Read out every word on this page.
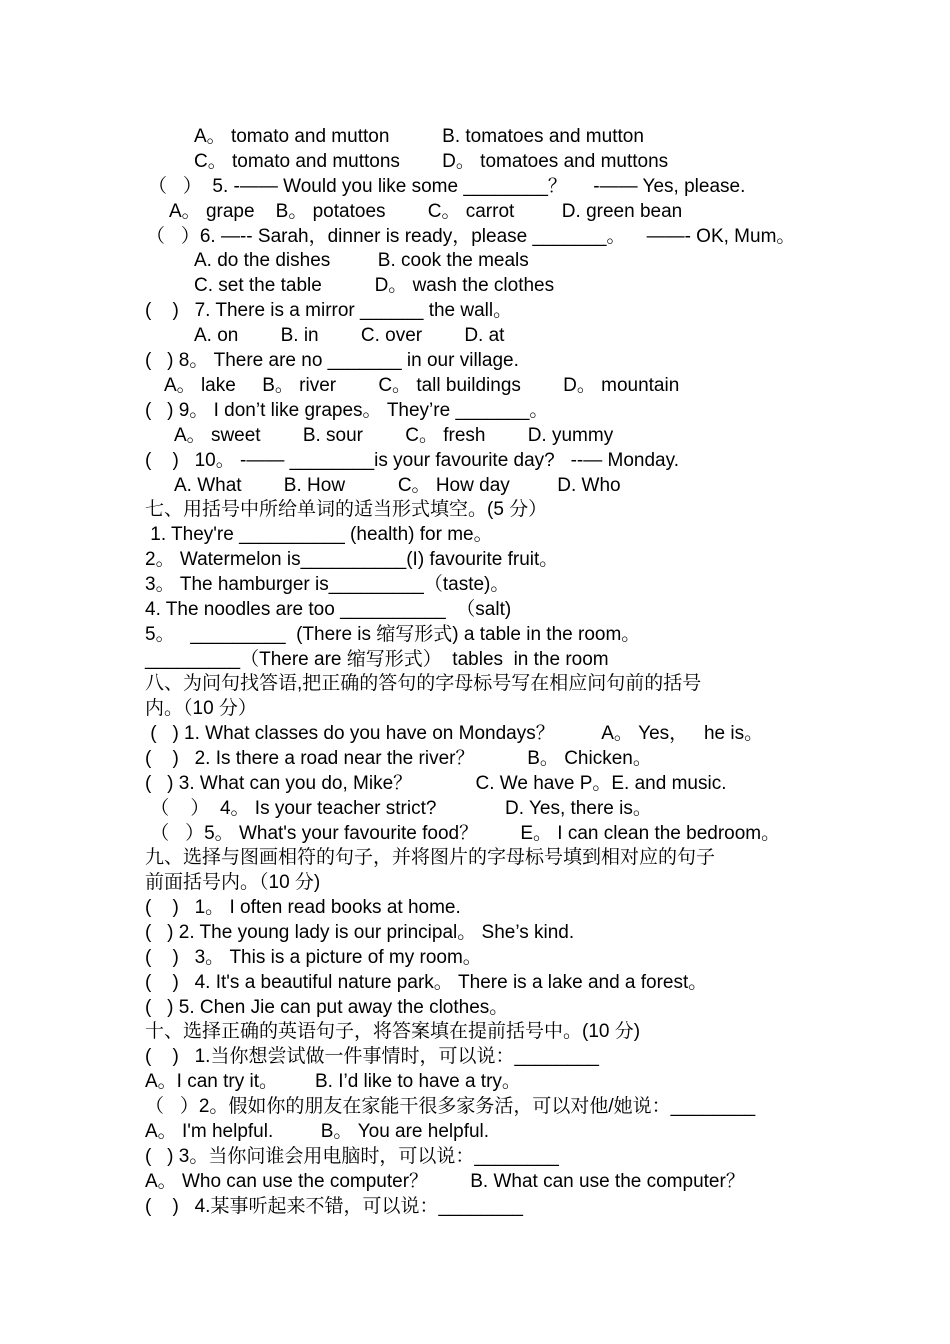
A。 tomato and mutton          B. tomatoes and mutton
C。 tomato and muttons        D。 tomatoes and muttons
（   ）  5. -—— Would you like some ________？     -—— Yes, please.
A。 grape    B。 potatoes        C。 carrot         D. green bean
（   ）6. —-- Sarah，dinner is ready，please _______。    ——- OK, Mum。
A. do the dishes         B. cook the meals
C. set the table          D。 wash the clothes
(    )   7. There is a mirror ______ the wall。
A. on        B. in        C. over        D. at
(   ) 8。 There are no _______ in our village.
A。 lake     B。 river        C。 tall buildings        D。 mountain
(   ) 9。 I don’t like grapes。 They’re _______。
A。 sweet        B. sour        C。 fresh        D. yummy
(    )   10。 -—— ________is your favourite day?   --— Monday.
A. What        B. How          C。 How day         D. Who
七、用括号中所给单词的适当形式填空。(5 分）
1. They're __________ (health) for me。
2。 Watermelon is__________(I) favourite fruit。
3。 The hamburger is_________（taste)。
4. The noodles are too __________  （salt)
5。   _________  (There is 缩写形式) a table in the room。
_________（There are 缩写形式）  tables  in the room
八、为问句找答语,把正确的答句的字母标号写在相应问句前的括号
内。（10 分）
(   ) 1. What classes do you have on Mondays？         A。 Yes，   he is。
(    )   2. Is there a road near the river？          B。 Chicken。
(   ) 3. What can you do, Mike？            C. We have P。E. and music.
（    ）  4。 Is your teacher strict?             D. Yes, there is。
（   ）5。 What's your favourite food？        E。 I can clean the bedroom。
九、选择与图画相符的句子，并将图片的字母标号填到相对应的句子
前面括号内。（10 分)
(    )   1。 I often read books at home.
(   ) 2. The young lady is our principal。 She’s kind.
(    )   3。 This is a picture of my room。
(    )   4. It's a beautiful nature park。 There is a lake and a forest。
(   ) 5. Chen Jie can put away the clothes。
十、选择正确的英语句子，将答案填在提前括号中。(10 分)
(    )   1.当你想尝试做一件事情时，可以说：________
A。I can try it。       B. I’d like to have a try。
（   ）2。假如你的朋友在家能干很多家务活，可以对他/她说：________
A。 I'm helpful.         B。 You are helpful.
(   ) 3。当你问谁会用电脑时，可以说：________
A。 Who can use the computer？        B. What can use the computer？
(    )   4.某事听起来不错，可以说：________
